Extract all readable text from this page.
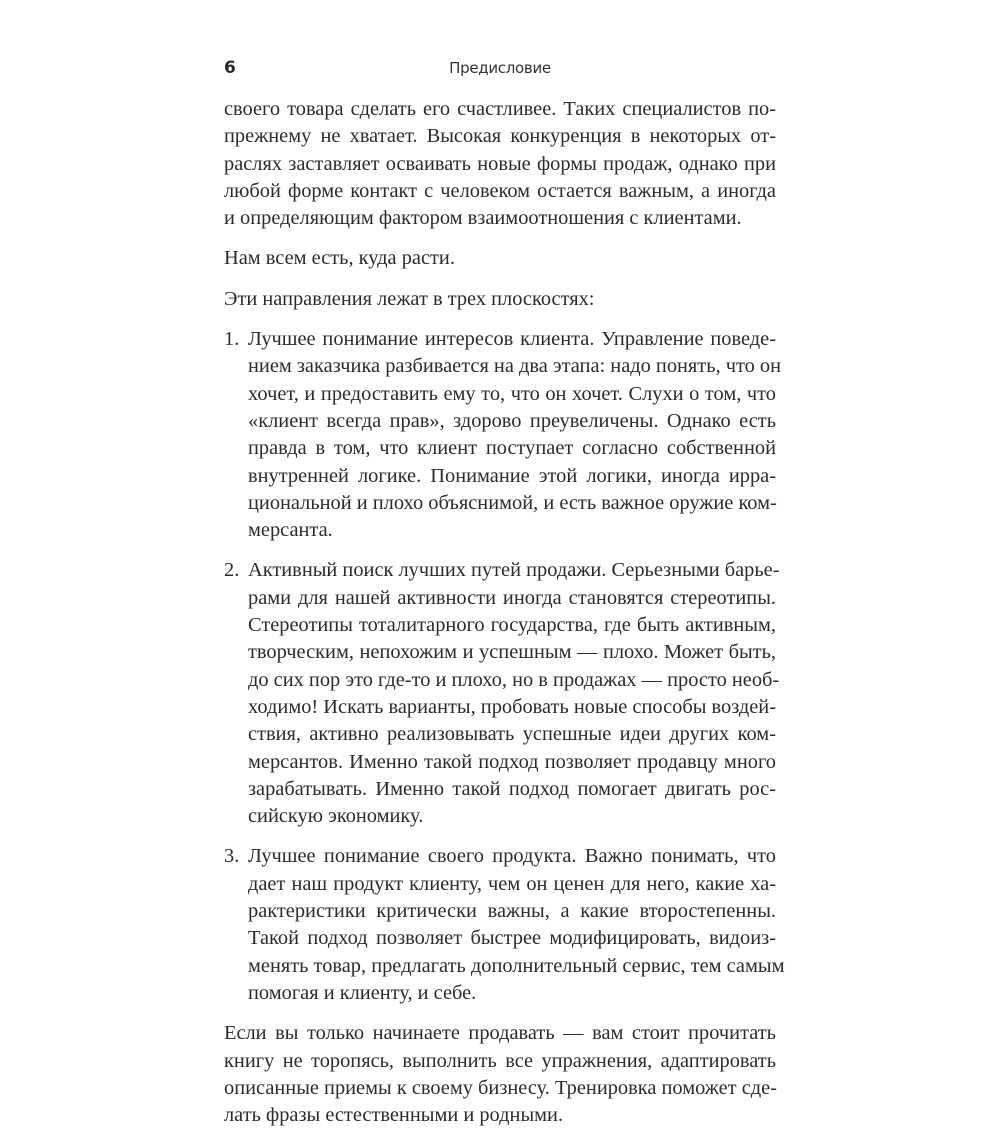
6	Предисловие
своего товара сделать его счастливее. Таких специалистов по-
прежнему не хватает. Высокая конкуренция в некоторых от-
раслях заставляет осваивать новые формы продаж, однако при
любой форме контакт с человеком остается важным, а иногда
и определяющим фактором взаимоотношения с клиентами.
Нам всем есть, куда расти.
Эти направления лежат в трех плоскостях:
1. Лучшее понимание интересов клиента. Управление поведе-
нием заказчика разбивается на два этапа: надо понять, что он
хочет, и предоставить ему то, что он хочет. Слухи о том, что
«клиент всегда прав», здорово преувеличены. Однако есть
правда в том, что клиент поступает согласно собственной
внутренней логике. Понимание этой логики, иногда ирра-
циональной и плохо объяснимой, и есть важное оружие ком-
мерсанта.
2. Активный поиск лучших путей продажи. Серьезными барье-
рами для нашей активности иногда становятся стереотипы.
Стереотипы тоталитарного государства, где быть активным,
творческим, непохожим и успешным — плохо. Может быть,
до сих пор это где-то и плохо, но в продажах — просто необ-
ходимо! Искать варианты, пробовать новые способы воздей-
ствия, активно реализовывать успешные идеи других ком-
мерсантов. Именно такой подход позволяет продавцу много
зарабатывать. Именно такой подход помогает двигать рос-
сийскую экономику.
3. Лучшее понимание своего продукта. Важно понимать, что
дает наш продукт клиенту, чем он ценен для него, какие ха-
рактеристики критически важны, а какие второстепенны.
Такой подход позволяет быстрее модифицировать, видоиз-
менять товар, предлагать дополнительный сервис, тем самым
помогая и клиенту, и себе.
Если вы только начинаете продавать — вам стоит прочитать
книгу не торопясь, выполнить все упражнения, адаптировать
описанные приемы к своему бизнесу. Тренировка поможет сде-
лать фразы естественными и родными.
